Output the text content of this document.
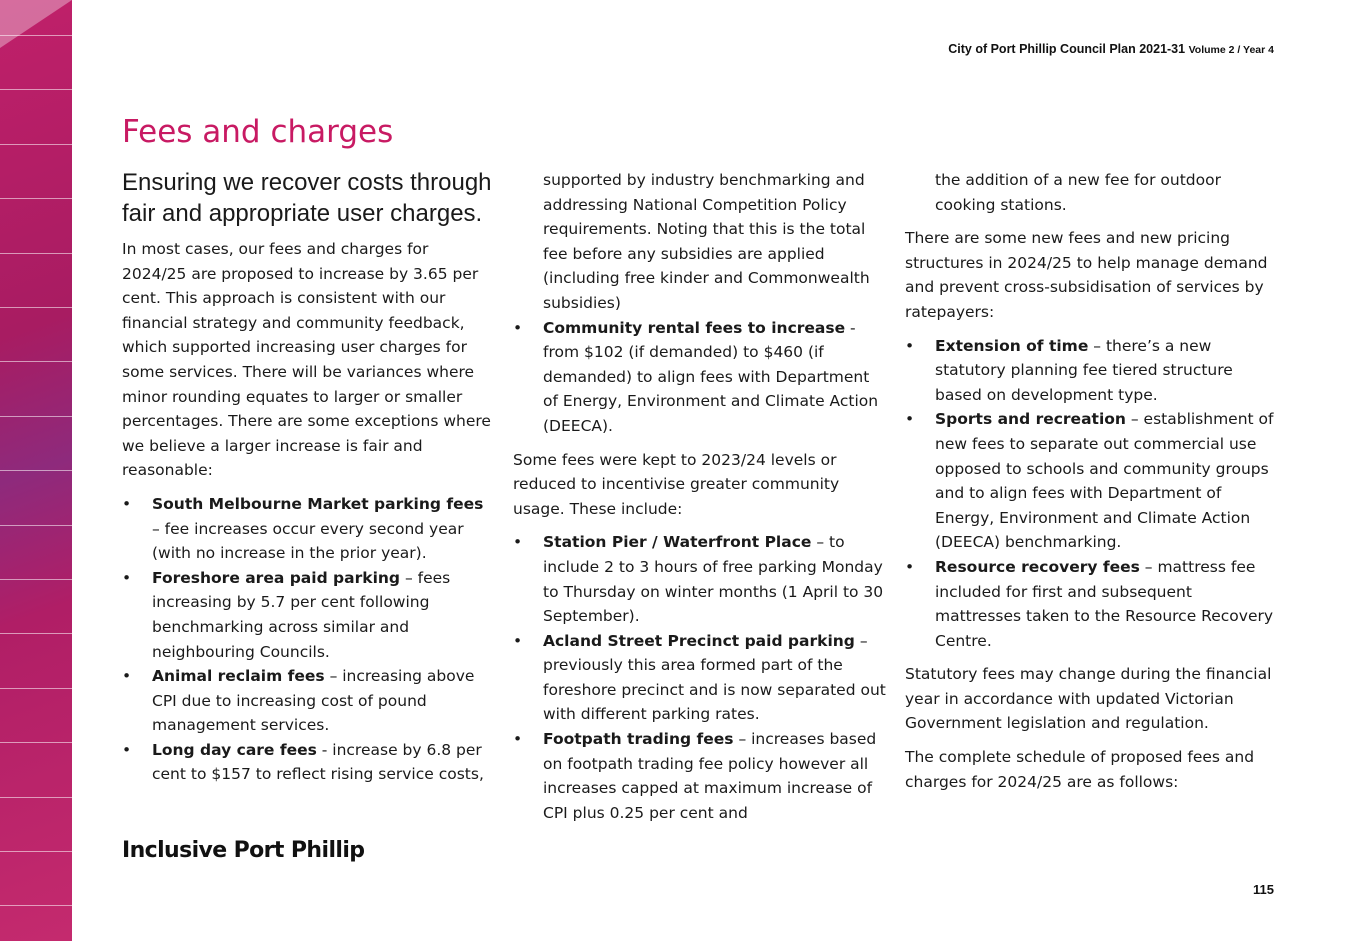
City of Port Phillip Council Plan 2021-31 Volume 2 / Year 4
Fees and charges
Ensuring we recover costs through fair and appropriate user charges.

In most cases, our fees and charges for 2024/25 are proposed to increase by 3.65 per cent. This approach is consistent with our financial strategy and community feedback, which supported increasing user charges for some services. There will be variances where minor rounding equates to larger or smaller percentages. There are some exceptions where we believe a larger increase is fair and reasonable:

• South Melbourne Market parking fees – fee increases occur every second year (with no increase in the prior year).
• Foreshore area paid parking – fees increasing by 5.7 per cent following benchmarking across similar and neighbouring Councils.
• Animal reclaim fees – increasing above CPI due to increasing cost of pound management services.
• Long day care fees - increase by 6.8 per cent to $157 to reflect rising service costs,
supported by industry benchmarking and addressing National Competition Policy requirements. Noting that this is the total fee before any subsidies are applied (including free kinder and Commonwealth subsidies)
• Community rental fees to increase - from $102 (if demanded) to $460 (if demanded) to align fees with Department of Energy, Environment and Climate Action (DEECA).

Some fees were kept to 2023/24 levels or reduced to incentivise greater community usage. These include:

• Station Pier / Waterfront Place – to include 2 to 3 hours of free parking Monday to Thursday on winter months (1 April to 30 September).
• Acland Street Precinct paid parking – previously this area formed part of the foreshore precinct and is now separated out with different parking rates.
• Footpath trading fees – increases based on footpath trading fee policy however all increases capped at maximum increase of CPI plus 0.25 per cent and
the addition of a new fee for outdoor cooking stations.

There are some new fees and new pricing structures in 2024/25 to help manage demand and prevent cross-subsidisation of services by ratepayers:

• Extension of time – there’s a new statutory planning fee tiered structure based on development type.
• Sports and recreation – establishment of new fees to separate out commercial use opposed to schools and community groups and to align fees with Department of Energy, Environment and Climate Action (DEECA) benchmarking.
• Resource recovery fees – mattress fee included for first and subsequent mattresses taken to the Resource Recovery Centre.

Statutory fees may change during the financial year in accordance with updated Victorian Government legislation and regulation.

The complete schedule of proposed fees and charges for 2024/25 are as follows:

Inclusive Port Phillip
115
